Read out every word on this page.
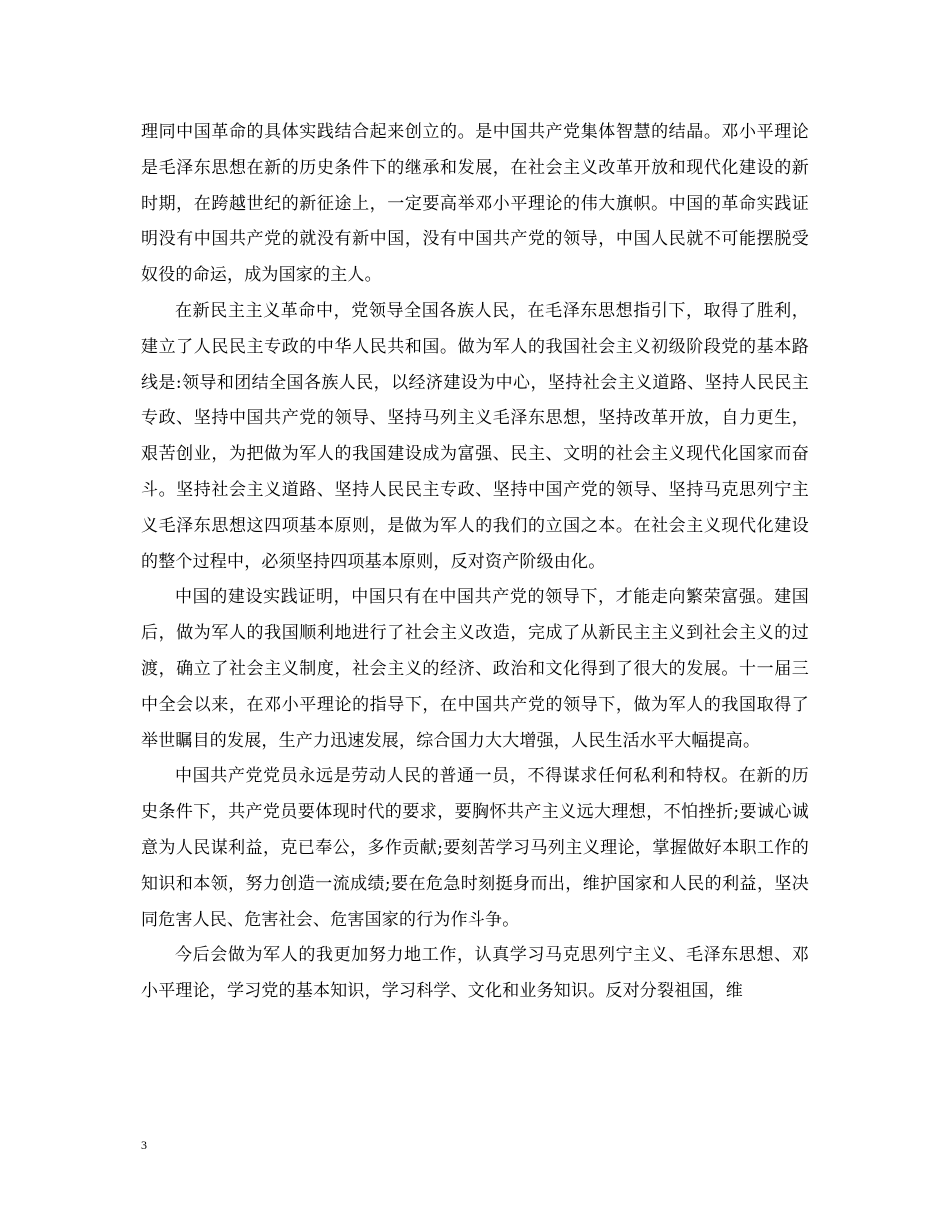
理同中国革命的具体实践结合起来创立的。是中国共产党集体智慧的结晶。邓小平理论是毛泽东思想在新的历史条件下的继承和发展，在社会主义改革开放和现代化建设的新时期，在跨越世纪的新征途上，一定要高举邓小平理论的伟大旗帜。中国的革命实践证明没有中国共产党的就没有新中国，没有中国共产党的领导，中国人民就不可能摆脱受奴役的命运，成为国家的主人。

在新民主主义革命中，党领导全国各族人民，在毛泽东思想指引下，取得了胜利，建立了人民民主专政的中华人民共和国。做为军人的我国社会主义初级阶段党的基本路线是:领导和团结全国各族人民，以经济建设为中心，坚持社会主义道路、坚持人民民主专政、坚持中国共产党的领导、坚持马列主义毛泽东思想，坚持改革开放，自力更生，艰苦创业，为把做为军人的我国建设成为富强、民主、文明的社会主义现代化国家而奋斗。坚持社会主义道路、坚持人民民主专政、坚持中国产党的领导、坚持马克思列宁主义毛泽东思想这四项基本原则，是做为军人的我们的立国之本。在社会主义现代化建设的整个过程中，必须坚持四项基本原则，反对资产阶级由化。

中国的建设实践证明，中国只有在中国共产党的领导下，才能走向繁荣富强。建国后，做为军人的我国顺利地进行了社会主义改造，完成了从新民主主义到社会主义的过渡，确立了社会主义制度，社会主义的经济、政治和文化得到了很大的发展。十一届三中全会以来，在邓小平理论的指导下，在中国共产党的领导下，做为军人的我国取得了举世瞩目的发展，生产力迅速发展，综合国力大大增强，人民生活水平大幅提高。

中国共产党党员永远是劳动人民的普通一员，不得谋求任何私利和特权。在新的历史条件下，共产党员要体现时代的要求，要胸怀共产主义远大理想，不怕挫折;要诚心诚意为人民谋利益，克已奉公，多作贡献;要刻苦学习马列主义理论，掌握做好本职工作的知识和本领，努力创造一流成绩;要在危急时刻挺身而出，维护国家和人民的利益，坚决同危害人民、危害社会、危害国家的行为作斗争。

今后会做为军人的我更加努力地工作，认真学习马克思列宁主义、毛泽东思想、邓小平理论，学习党的基本知识，学习科学、文化和业务知识。反对分裂祖国，维

3
